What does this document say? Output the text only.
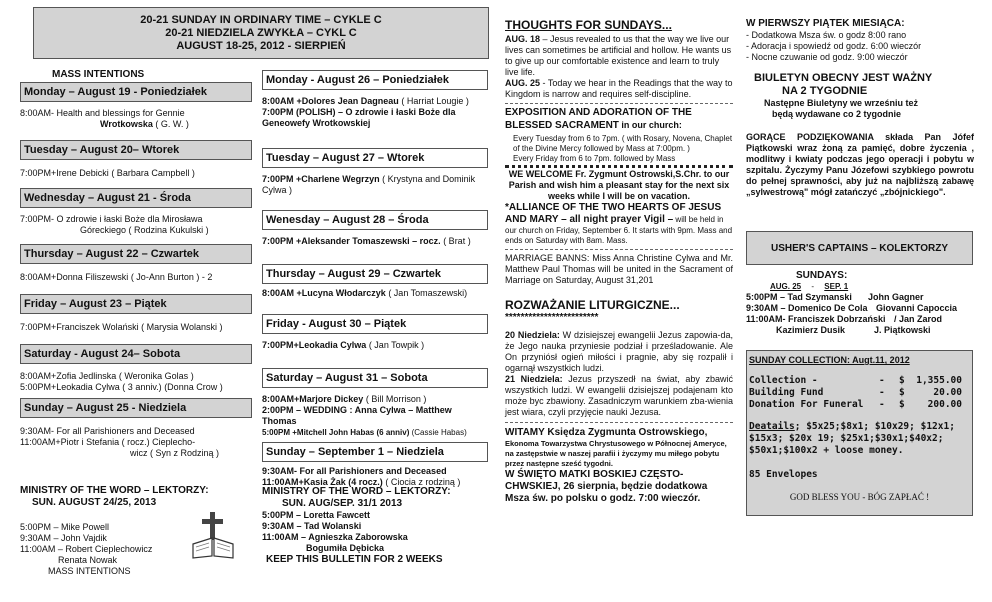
20-21 SUNDAY IN ORDINARY TIME – CYKLE C

20-21 NIEDZIELA ZWYKŁA – CYKL C

AUGUST 18-25, 2012 - SIERPIEŃ

MASS INTENTIONS
Monday – August 19 - Poniedziałek
8:00AM- Health and blessings for Gennie
Wrotkowska ( G. W. )
Tuesday – August 20– Wtorek
7:00PM+Irene Debicki ( Barbara Campbell )
Wednesday – August 21 - Środa
7:00PM- O zdrowie i łaski Boże dla Mirosława
Góreckiego ( Rodzina Kukulski )
Thursday – August 22 – Czwartek
8:00AM+Donna Filiszewski ( Jo-Ann Burton ) - 2
Friday – August 23 – Piątek
7:00PM+Franciszek Wolański ( Marysia Wolanski )
Saturday - August 24– Sobota
8:00AM+Zofia Jedlinska ( Weronika Golas )
5:00PM+Leokadia Cylwa ( 3 anniv.) (Donna Crow )
Sunday – August 25 - Niedziela
9:30AM- For all Parishioners and Deceased
11:00AM+Piotr i Stefania ( rocz.) Cieplecho-
wicz ( Syn z Rodziną )
MINISTRY OF THE WORD – LEKTORZY:
SUN. AUGUST 24/25, 2013
5:00PM – Mike Powell
9:30AM – John Vajdik
11:00AM – Robert Cieplechowicz
Renata Nowak
MASS INTENTIONS
Monday - August 26 – Poniedziałek
8:00AM +Dolores Jean Dagneau ( Harriat Lougie )
7:00PM (POLISH) – O zdrowie i łaski Boże dla Geneowefy Wrotkowskiej
Tuesday – August 27 – Wtorek
7:00PM +Charlene Wegrzyn ( Krystyna and Dominik Cylwa )
Wenesday – August 28 – Środa
7:00PM +Aleksander Tomaszewski – rocz. ( Brat )
Thursday – August 29 – Czwartek
8:00AM +Lucyna Włodarczyk ( Jan Tomaszewski)
Friday - August 30 – Piątek
7:00PM+Leokadia Cylwa ( Jan Towpik )
Saturday – August 31 – Sobota
8:00AM+Marjore Dickey ( Bill Morrison )
2:00PM – WEDDING : Anna Cylwa – Matthew Thomas
5:00PM +Mitchell John Habas (6 anniv) (Cassie Habas)
Sunday – September 1 – Niedziela
9:30AM- For all Parishioners and Deceased
11:00AM+Kasia Żak (4 rocz.) ( Ciocia z rodziną )
MINISTRY OF THE WORD – LEKTORZY:
SUN. AUG/SEP. 31/1 2013
5:00PM – Loretta Fawcett
9:30AM – Tad Wolanski
11:00AM – Agnieszka Zaborowska
Bogumiła Dębicka
KEEP THIS BULLETIN FOR 2 WEEKS
THOUGHTS FOR SUNDAYS...
AUG. 18 – Jesus revealed to us that the way we live our lives can sometimes be artificial and hollow. He wants us to give up our comfortable existence and learn to truly live life.
AUG. 25 - Today we hear in the Readings that the way to Kingdom is narrow and requires self-discipline.
EXPOSITION AND ADORATION OF THE BLESSED SACRAMENT in our church:
Every Tuesday from 6 to 7pm. ( with Rosary, Novena, Chaplet of the Divine Mercy followed by Mass at 7:00pm. )
Every Friday from 6 to 7pm. followed by Mass
WE WELCOME Fr. Zygmunt Ostrowski,S.Chr. to our Parish and wish him a pleasant stay for the next six weeks while I will be on vacation.
*ALLIANCE OF THE TWO HEARTS OF JESUS AND MARY – all night prayer Vigil – will be held in our church on Friday, September 6. It starts with 9pm. Mass and ends on Saturday with 8am. Mass.
MARRIAGE BANNS: Miss Anna Christine Cylwa and Mr. Matthew Paul Thomas will be united in the Sacrament of Marriage on Saturday, August 31,201
ROZWAŻANIE LITURGICZNE...
************************
20 Niedziela: W dzisiejszej ewangelii Jezus zapowia-da, że Jego nauka przyniesie podział i prześladowanie. Ale On przyniósł ogień miłości i pragnie, aby się rozpalił i ogarnął wszystkich ludzi.
21 Niedziela: Jezus przyszedł na świat, aby zbawić wszystkich ludzi. W ewangelii dzisiejszej podajenam kto może byc zbawiony. Zasadniczym warunkiem zba-wienia jest wiara, czyli przyjęcie nauki Jezusa.
WITAMY Księdza Zygmunta Ostrowskiego,
Ekonoma Towarzystwa Chrystusowego w Północnej Ameryce, na zastępstwie w naszej parafii i życzymy mu miłego pobytu przez następne sześć tygodni.
W ŚWIĘTO MATKI BOSKIEJ CZĘSTO- CHWSKIEJ, 26 sierpnia, będzie dodatkowa Msza św. po polsku o godz. 7:00 wieczór.
W PIERWSZY PIĄTEK MIESIĄCA:
- Dodatkowa Msza św. o godz 8:00 rano
- Adoracja i spowiedź od godz. 6:00 wieczór
- Nocne czuwanie od godz. 9:00 wieczór
BIULETYN OBECNY JEST WAŻNY
NA 2 TYGODNIE
Następne Biuletyny we wrześniu też
będą wydawane co 2 tygodnie
GORĄCE PODZIĘKOWANIA składa Pan Jófef Piątkowski wraz żoną za pamięć, dobre życzenia , modlitwy i kwiaty podczas jego operacji i pobytu w szpitalu. Życzymy Panu Józefowi szybkiego powrotu do pełnej sprawności, aby już na najbliższą zabawę „sylwestrową" mógł zatańczyć „zbójnickiego".
USHER'S CAPTAINS – KOLEKTORZY
SUNDAYS:
AUG. 25 - SEP. 1
5:00PM – Tad Szymanski John Gagner
9:30AM – Domenico De Cola Giovanni Capoccia
11:00AM- Franciszek Dobrzański / Jan Zarod
Kazimierz Dusik	J. Piątkowski
SUNDAY COLLECTION: Augt.11, 2012
Collection -	- $ 1,355.00
Building Fund	- $	20.00
Donation For Funeral - $ 200.00
Deatails; $5x25;$8x1; $10x29; $12x1; $15x3; $20x 19; $25x1;$30x1;$40x2; $50x1;$100x2 + loose money.
85 Envelopes
GOD BLESS YOU - BÓG ZAPŁAĆ !
